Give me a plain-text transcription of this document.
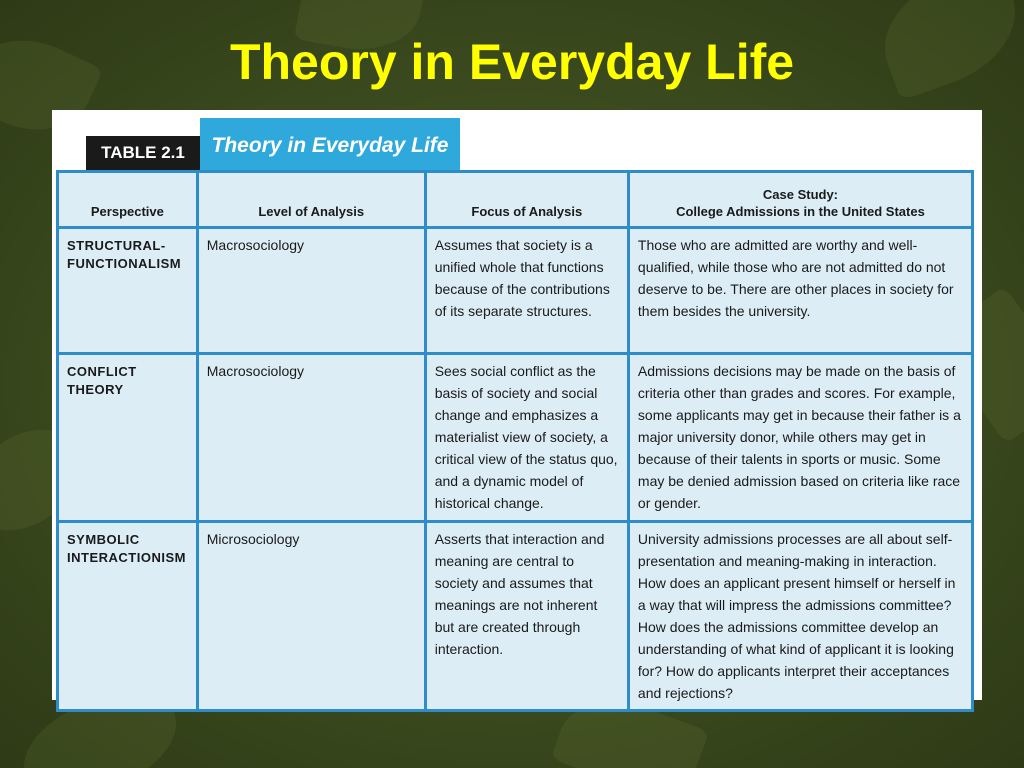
Theory in Everyday Life
TABLE 2.1	Theory in Everyday Life
Perspective	Level of Analysis	Focus of Analysis	Case Study:
College Admissions in the United States

STRUCTURAL-FUNCTIONALISM	Macrosociology	Assumes that society is a unified whole that functions because of the contributions of its separate structures.	Those who are admitted are worthy and well-qualified, while those who are not admitted do not deserve to be. There are other places in society for them besides the university.
CONFLICT THEORY	Macrosociology	Sees social conflict as the basis of society and social change and emphasizes a materialist view of society, a critical view of the status quo, and a dynamic model of historical change.	Admissions decisions may be made on the basis of criteria other than grades and scores. For example, some applicants may get in because their father is a major university donor, while others may get in because of their talents in sports or music. Some may be denied admission based on criteria like race or gender.
SYMBOLIC INTERACTIONISM	Microsociology	Asserts that interaction and meaning are central to society and assumes that meanings are not inherent but are created through interaction.	University admissions processes are all about self-presentation and meaning-making in interaction. How does an applicant present himself or herself in a way that will impress the admissions committee? How does the admissions committee develop an understanding of what kind of applicant it is looking for? How do applicants interpret their acceptances and rejections?
